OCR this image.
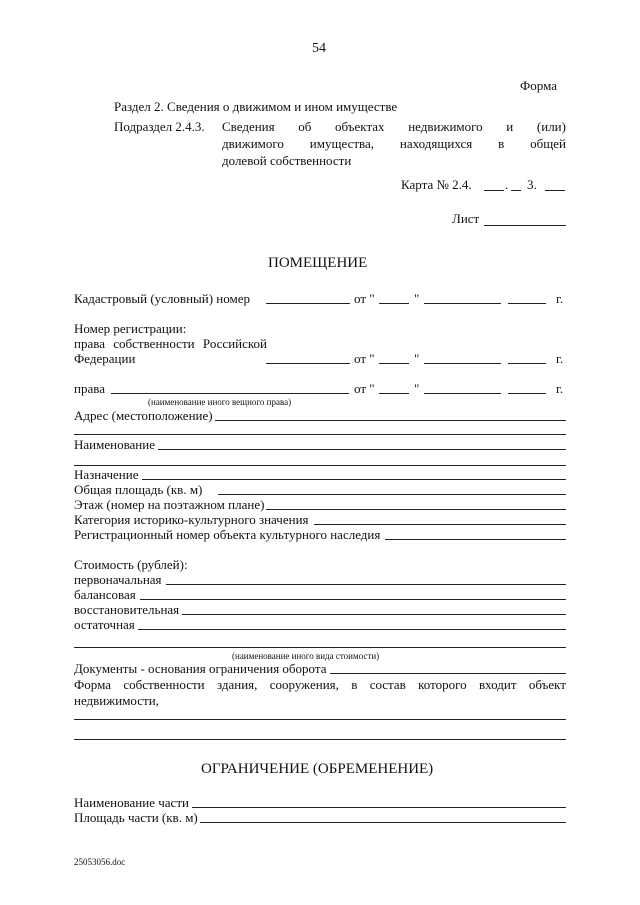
54
Форма
Раздел 2. Сведения о движимом и ином имуществе
Подраздел 2.4.3. Сведения об объектах недвижимого и (или)
движимого имущества, находящихся в общей
долевой собственности
Карта № 2.4.	. 3.
Лист
ПОМЕЩЕНИЕ
Кадастровый (условный) номер	от "	"	г.
Номер регистрации:
права собственности Российской
Федерации	от "	"	г.
права	от "	"	г.
(наименование иного вещного права)
Адрес (местоположение)
Наименование
Назначение
Общая площадь (кв. м)
Этаж (номер на поэтажном плане)
Категория историко-культурного значения
Регистрационный номер объекта культурного наследия
Стоимость (рублей):
первоначальная
балансовая
восстановительная
остаточная
(наименование иного вида стоимости)
Документы - основания ограничения оборота
Форма собственности здания, сооружения, в состав которого входит объект
недвижимости,
ОГРАНИЧЕНИЕ (ОБРЕМЕНЕНИЕ)
Наименование части
Площадь части (кв. м)
25053056.doc
